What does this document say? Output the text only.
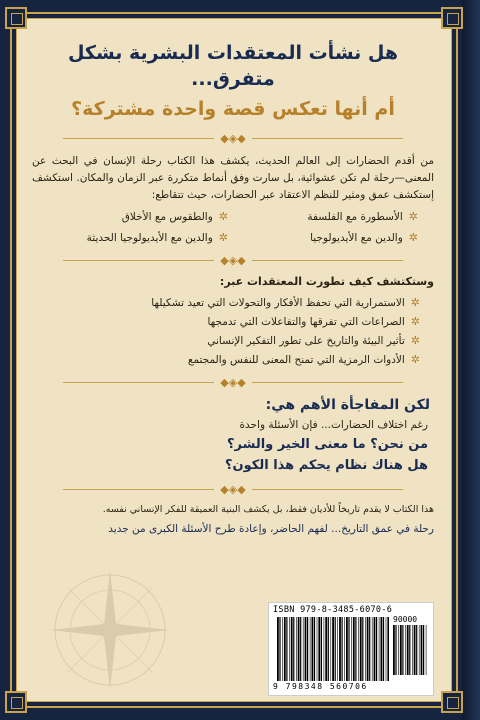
هل نشأت المعتقدات البشرية بشكل متفرق...
أم أنها تعكس قصة واحدة مشتركة؟
◆◈◆
من أقدم الحضارات إلى العالم الحديث، يكشف هذا الكتاب رحلة الإنسان في البحث عن المعنى—رحلة لم تكن عشوائية، بل سارت وفق أنماط متكررة عبر الزمان والمكان. استكشف إستكشف عمق ومثير للنظم الاعتقاد عبر الحضارات، حيث تتقاطع:
✲
الأسطورة مع الفلسفة
✲
والطقوس مع الأخلاق
✲
والدين مع الأيديولوجيا
✲
والدين مع الأيديولوجيا الحديثة
◆◈◆
وستكتشف كيف تطورت المعتقدات عبر:
✲
الاستمرارية التي تحفظ الأفكار والتحولات التي تعيد تشكيلها
✲
الصراعات التي تفرقها والتفاعلات التي تدمجها
✲
تأثير البيئة والتاريخ على تطور التفكير الإنساني
✲
الأدوات الرمزية التي تمنح المعنى للنفس والمجتمع
◆◈◆
لكن المفاجأة الأهم هي:
رغم اختلاف الحضارات... فإن الأسئلة واحدة
من نحن؟ ما معنى الخير والشر؟
هل هناك نظام يحكم هذا الكون؟
◆◈◆
هذا الكتاب لا يقدم تاريخاً للأديان فقط، بل يكشف البنية العميقة للفكر الإنساني نفسه.
رحلة في عمق التاريخ... لفهم الحاضر، وإعادة طرح الأسئلة الكبرى من جديد
ISBN 979-8-3485-6070-6
90000
9 798348 560706
